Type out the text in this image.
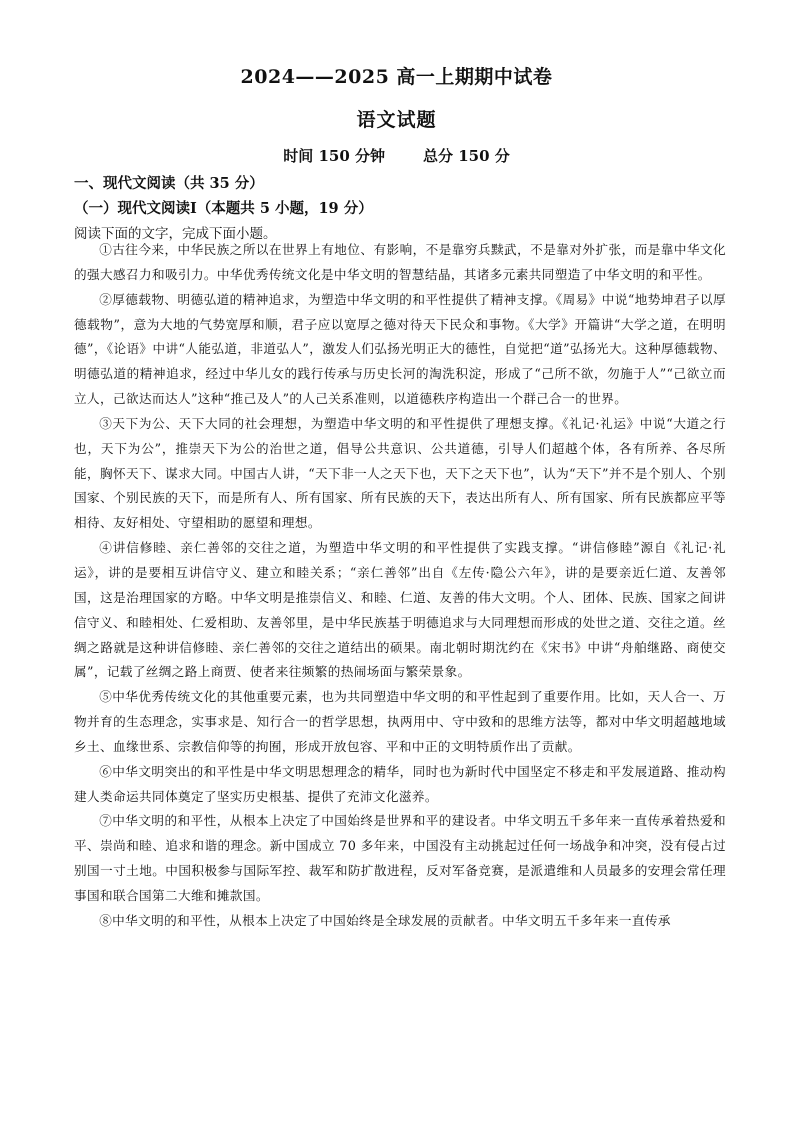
2024——2025 高一上期期中试卷
语文试题
时间 150 分钟	总分 150 分
一、现代文阅读（共 35 分）
（一）现代文阅读Ⅰ（本题共 5 小题，19 分）
阅读下面的文字，完成下面小题。

①古往今来，中华民族之所以在世界上有地位、有影响，不是靠穷兵黩武，不是靠对外扩张，而是靠中华文化的强大感召力和吸引力。中华优秀传统文化是中华文明的智慧结晶，其诸多元素共同塑造了中华文明的和平性。

②厚德载物、明德弘道的精神追求，为塑造中华文明的和平性提供了精神支撑。《周易》中说“地势坤君子以厚德载物”，意为大地的气势宽厚和顺，君子应以宽厚之德对待天下民众和事物。《大学》开篇讲“大学之道，在明明德”，《论语》中讲“人能弘道，非道弘人”，激发人们弘扬光明正大的德性，自觉把“道”弘扬光大。这种厚德载物、明德弘道的精神追求，经过中华儿女的践行传承与历史长河的淘洗积淀，形成了“己所不欲，勿施于人”“己欲立而立人，己欲达而达人”这种“推己及人”的人己关系准则，以道德秩序构造出一个群己合一的世界。

③天下为公、天下大同的社会理想，为塑造中华文明的和平性提供了理想支撑。《礼记·礼运》中说“大道之行也，天下为公”，推崇天下为公的治世之道，倡导公共意识、公共道德，引导人们超越个体，各有所养、各尽所能，胸怀天下、谋求大同。中国古人讲，“天下非一人之天下也，天下之天下也”，认为“天下”并不是个别人、个别国家、个别民族的天下，而是所有人、所有国家、所有民族的天下，表达出所有人、所有国家、所有民族都应平等相待、友好相处、守望相助的愿望和理想。

④讲信修睦、亲仁善邻的交往之道，为塑造中华文明的和平性提供了实践支撑。“讲信修睦”源自《礼记·礼运》，讲的是要相互讲信守义、建立和睦关系；“亲仁善邻”出自《左传·隐公六年》，讲的是要亲近仁道、友善邻国，这是治理国家的方略。中华文明是推崇信义、和睦、仁道、友善的伟大文明。个人、团体、民族、国家之间讲信守义、和睦相处、仁爱相助、友善邻里，是中华民族基于明德追求与大同理想而形成的处世之道、交往之道。丝绸之路就是这种讲信修睦、亲仁善邻的交往之道结出的硕果。南北朝时期沈约在《宋书》中讲“舟舶继路、商使交属”，记载了丝绸之路上商贾、使者来往频繁的热闹场面与繁荣景象。

⑤中华优秀传统文化的其他重要元素，也为共同塑造中华文明的和平性起到了重要作用。比如，天人合一、万物并育的生态理念，实事求是、知行合一的哲学思想，执两用中、守中致和的思维方法等，都对中华文明超越地域乡土、血缘世系、宗教信仰等的拘囿，形成开放包容、平和中正的文明特质作出了贡献。

⑥中华文明突出的和平性是中华文明思想理念的精华，同时也为新时代中国坚定不移走和平发展道路、推动构建人类命运共同体奠定了坚实历史根基、提供了充沛文化滋养。

⑦中华文明的和平性，从根本上决定了中国始终是世界和平的建设者。中华文明五千多年来一直传承着热爱和平、崇尚和睦、追求和谐的理念。新中国成立 70 多年来，中国没有主动挑起过任何一场战争和冲突，没有侵占过别国一寸土地。中国积极参与国际军控、裁军和防扩散进程，反对军备竞赛，是派遣维和人员最多的安理会常任理事国和联合国第二大维和摊款国。

⑧中华文明的和平性，从根本上决定了中国始终是全球发展的贡献者。中华文明五千多年来一直传承
